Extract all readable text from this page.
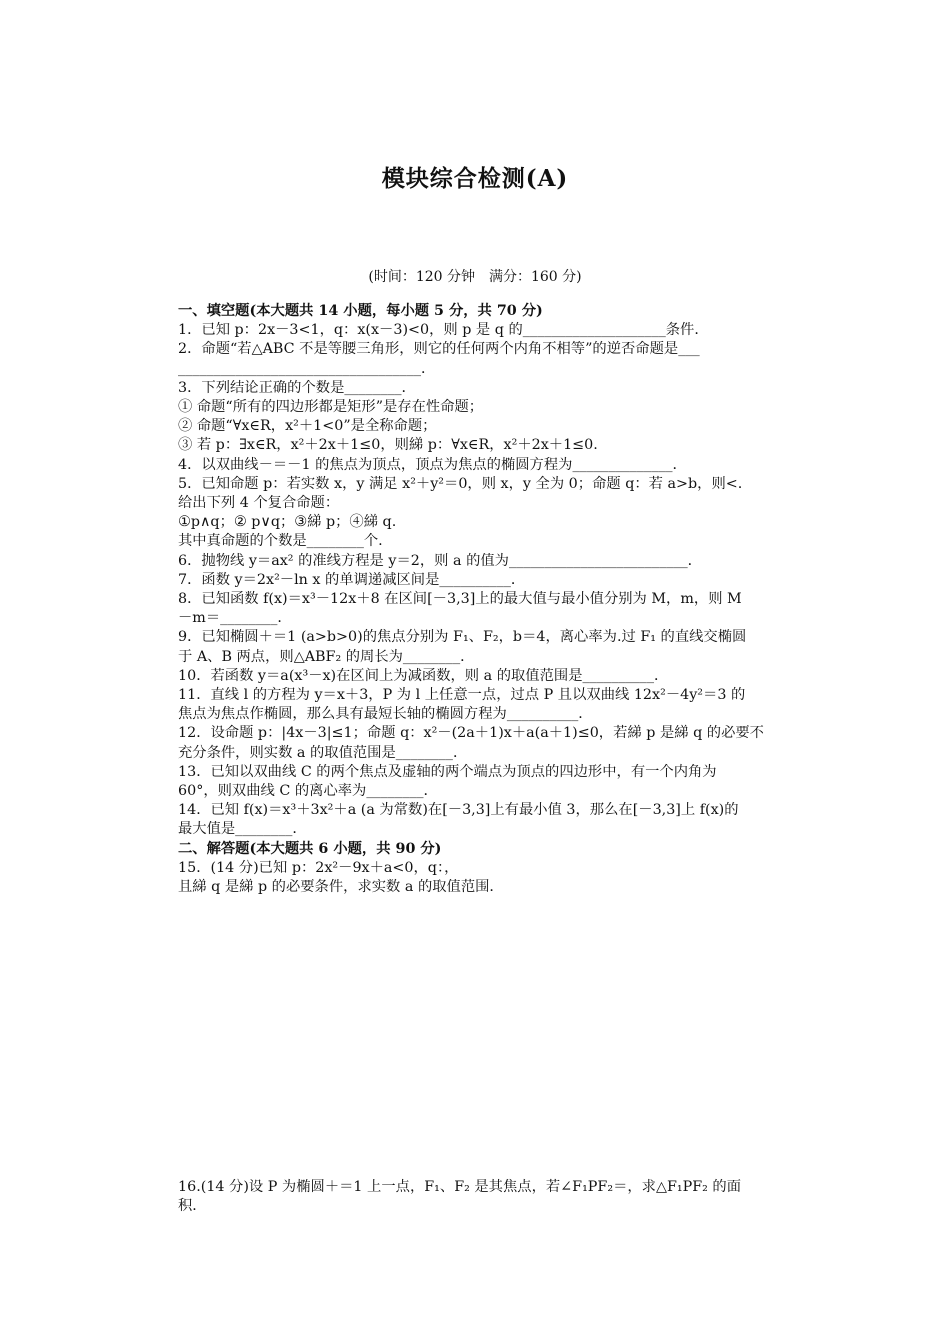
模块综合检测(A)
(时间：120 分钟　满分：160 分)
一、填空题(本大题共 14 小题，每小题 5 分，共 70 分)
1．已知 p：2x－3<1，q：x(x－3)<0，则 p 是 q 的____________________条件．
2．命题“若△ABC 不是等腰三角形，则它的任何两个内角不相等”的逆否命题是___
__________________________________．
3．下列结论正确的个数是________．
① 命题“所有的四边形都是矩形”是存在性命题；
② 命题“∀x∈R，x²＋1<0”是全称命题；
③ 若 p：∃x∈R，x²＋2x＋1≤0，则綈 p：∀x∈R，x²＋2x＋1≤0.
4．以双曲线－＝－1 的焦点为顶点，顶点为焦点的椭圆方程为______________．
5．已知命题 p：若实数 x，y 满足 x²＋y²＝0，则 x，y 全为 0；命题 q：若 a>b，则<.
给出下列 4 个复合命题：
①p∧q；② p∨q；③綈 p；④綈 q.
其中真命题的个数是________个.
6．抛物线 y＝ax² 的准线方程是 y＝2，则 a 的值为_________________________．
7．函数 y＝2x²－ln x 的单调递减区间是__________．
8．已知函数 f(x)＝x³－12x＋8 在区间[－3,3]上的最大值与最小值分别为 M，m，则 M
－m＝________．
9．已知椭圆＋＝1 (a>b>0)的焦点分别为 F₁、F₂，b＝4，离心率为.过 F₁ 的直线交椭圆
于 A、B 两点，则△ABF₂ 的周长为________．
10．若函数 y＝a(x³－x)在区间上为减函数，则 a 的取值范围是__________．
11．直线 l 的方程为 y＝x＋3，P 为 l 上任意一点，过点 P 且以双曲线 12x²－4y²＝3 的
焦点为焦点作椭圆，那么具有最短长轴的椭圆方程为__________．
12．设命题 p：|4x－3|≤1；命题 q：x²－(2a＋1)x＋a(a＋1)≤0，若綈 p 是綈 q 的必要不
充分条件，则实数 a 的取值范围是________．
13．已知以双曲线 C 的两个焦点及虚轴的两个端点为顶点的四边形中，有一个内角为
60°，则双曲线 C 的离心率为________．
14．已知 f(x)＝x³＋3x²＋a (a 为常数)在[－3,3]上有最小值 3，那么在[－3,3]上 f(x)的
最大值是________．
二、解答题(本大题共 6 小题，共 90 分)
15．(14 分)已知 p：2x²－9x＋a<0，q：，
且綈 q 是綈 p 的必要条件，求实数 a 的取值范围．
16.(14 分)设 P 为椭圆＋＝1 上一点，F₁、F₂ 是其焦点，若∠F₁PF₂＝，求△F₁PF₂ 的面
积．
